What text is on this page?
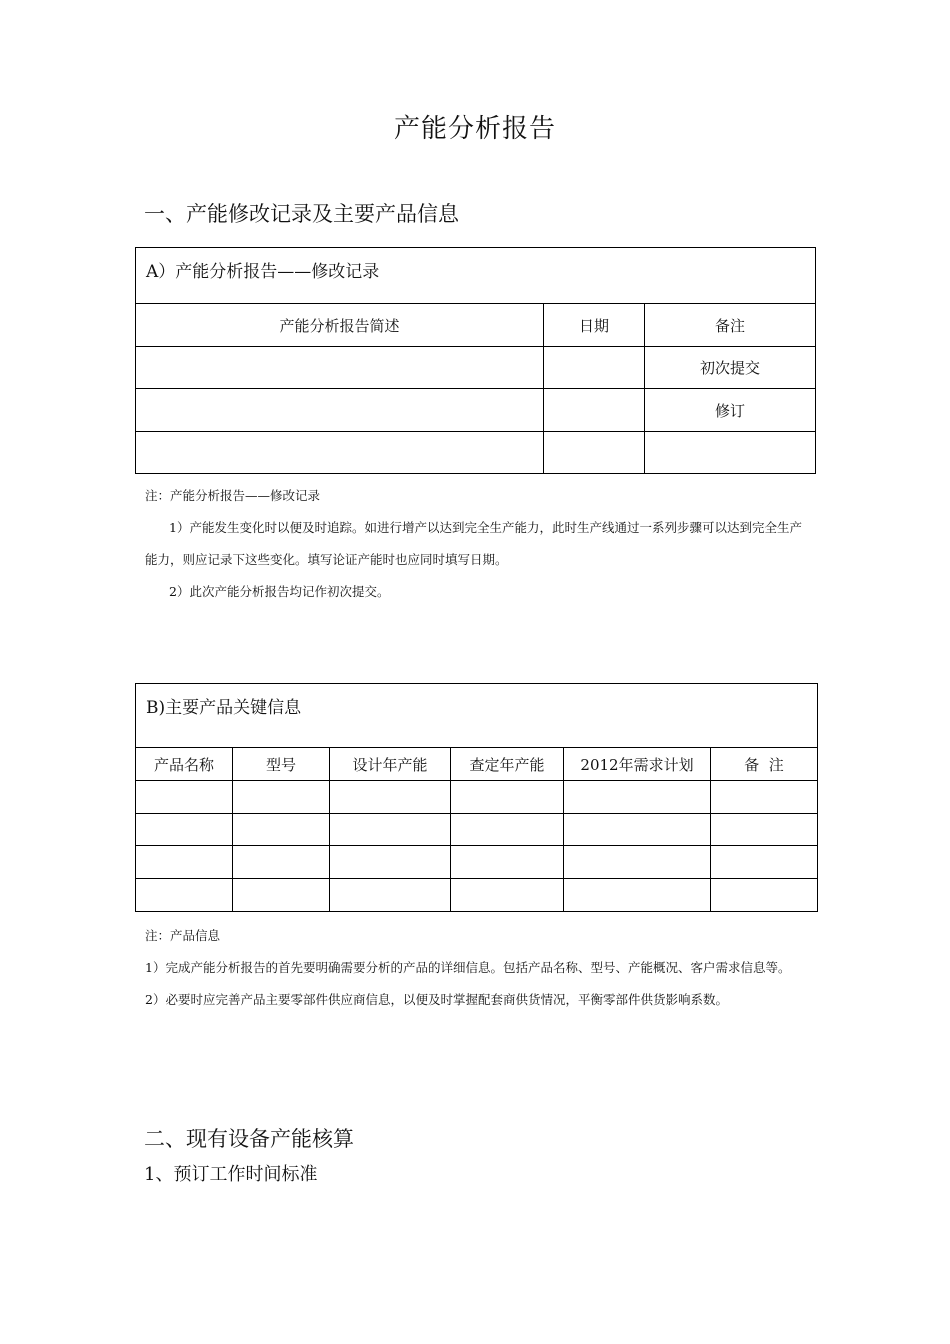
产能分析报告
一、产能修改记录及主要产品信息
A）产能分析报告——修改记录		
产能分析报告简述	日期	备注
		初次提交
		修订

注：产能分析报告——修改记录

1）产能发生变化时以便及时追踪。如进行增产以达到完全生产能力，此时生产线通过一系列步骤可以达到完全生产能力，则应记录下这些变化。填写论证产能时也应同时填写日期。

2）此次产能分析报告均记作初次提交。

B)主要产品关键信息					
产品名称	型号	设计年产能	查定年产能	2012年需求计划	备  注

注：产品信息

1）完成产能分析报告的首先要明确需要分析的产品的详细信息。包括产品名称、型号、产能概况、客户需求信息等。

2）必要时应完善产品主要零部件供应商信息，以便及时掌握配套商供货情况，平衡零部件供货影响系数。

二、现有设备产能核算
1、预订工作时间标准
